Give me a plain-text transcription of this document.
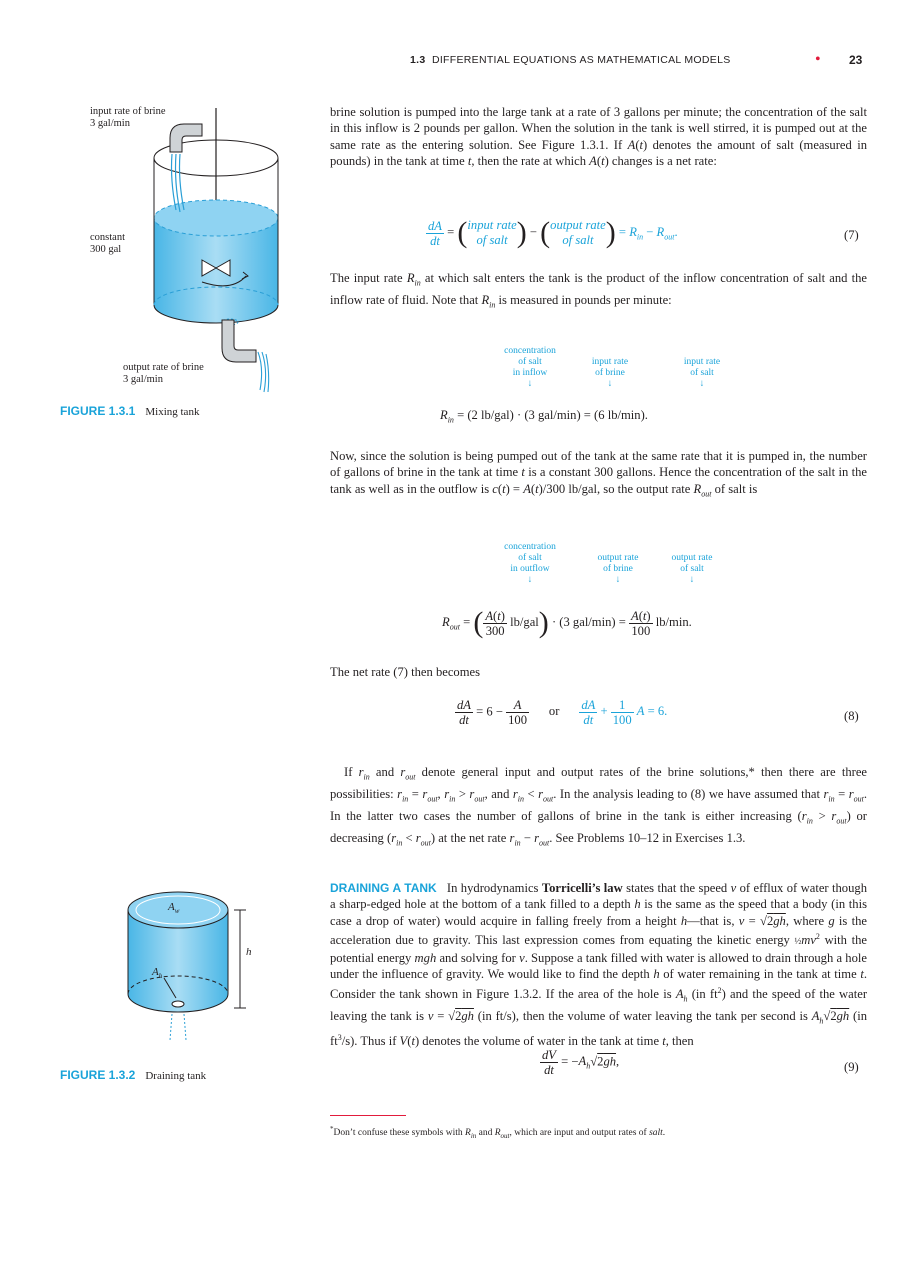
1.3 DIFFERENTIAL EQUATIONS AS MATHEMATICAL MODELS	• 23
input rate of brine
3 gal/min
constant
300 gal
output rate of brine
3 gal/min
FIGURE 1.3.1 Mixing tank

brine solution is pumped into the large tank at a rate of 3 gallons per minute; the concentration of the salt in this inflow is 2 pounds per gallon. When the solution in the tank is well stirred, it is pumped out at the same rate as the entering solution. See Figure 1.3.1. If A(t) denotes the amount of salt (measured in pounds) in the tank at time t, then the rate at which A(t) changes is a net rate:

$\frac{dA}{dt}$ = (input rate
of salt ) − (output rate
of salt ) = $R_{in} - R_{out}$.	(7)

The input rate $R_{in}$ at which salt enters the tank is the product of the inflow concentration of salt and the inflow rate of fluid. Note that $R_{in}$ is measured in pounds per minute:

concentration
of salt
in inflow
↓
input rate
of brine
↓
input rate
of salt
↓
$R_{in} = (2$ lb/gal) · (3 gal/min) = (6 lb/min).

Now, since the solution is being pumped out of the tank at the same rate that it is pumped in, the number of gallons of brine in the tank at time t is a constant 300 gallons. Hence the concentration of the salt in the tank as well as in the outflow is c(t) = A(t)/300 lb/gal, so the output rate $R_{out}$ of salt is

concentration
of salt
in outflow
↓
output rate
of brine
↓
output rate
of salt
↓
$R_{out}$ = ( $\frac{A(t)}{300} lb/gal) \cdot (3$ $gal/\min) = \frac{A(t)}{100} lb/\min$.

The net rate (7) then becomes

$\frac{dA}{dt} = 6 - \frac{A}{100}$ or $\frac{dA}{dt} + \frac{1}{100}$ A = 6.	(8)

If $r_{in}$ and $r_{out}$ denote general input and output rates of the brine solutions,* then there are three possibilities: $r_{in} = r_{out}$, $r_{in} > r_{out}$, and $r_{in} < r_{out}$. In the analysis leading to (8) we have assumed that $r_{in} = r_{out}$. In the latter two cases the number of gallons of brine in the tank is either increasing $(r_{in} > r_{out})$ or decreasing $(r_{in} < r_{out})$ at the net rate $r_{in} - r_{out}$. See Problems 10–12 in Exercises 1.3.

$A_w$
$A_h$
h
FIGURE 1.3.2 Draining tank

DRAINING A TANK   In hydrodynamics Torricelli’s law states that the speed v of efflux of water though a sharp-edged hole at the bottom of a tank filled to a depth h is the same as the speed that a body (in this case a drop of water) would acquire in falling freely from a height h—that is, v = √2gh, where g is the acceleration due to gravity. This last expression comes from equating the kinetic energy $\frac{1}{2}mv^2$ with the potential energy mgh and solving for v. Suppose a tank filled with water is allowed to drain through a hole under the influence of gravity. We would like to find the depth h of water remaining in the tank at time t. Consider the tank shown in Figure 1.3.2. If the area of the hole is $A_h$ (in $ft^2$) and the speed of the water leaving the tank is v = √2gh (in ft/s), then the volume of water leaving the tank per second is $A_h√2gh$ (in $ft^3/s$). Thus if V(t) denotes the volume of water in the tank at time t, then

$\frac{dV}{dt} = -A_h√2gh$,	(9)
*Don’t confuse these symbols with $R_{in}$ and $R_{out}$, which are input and output rates of salt.
